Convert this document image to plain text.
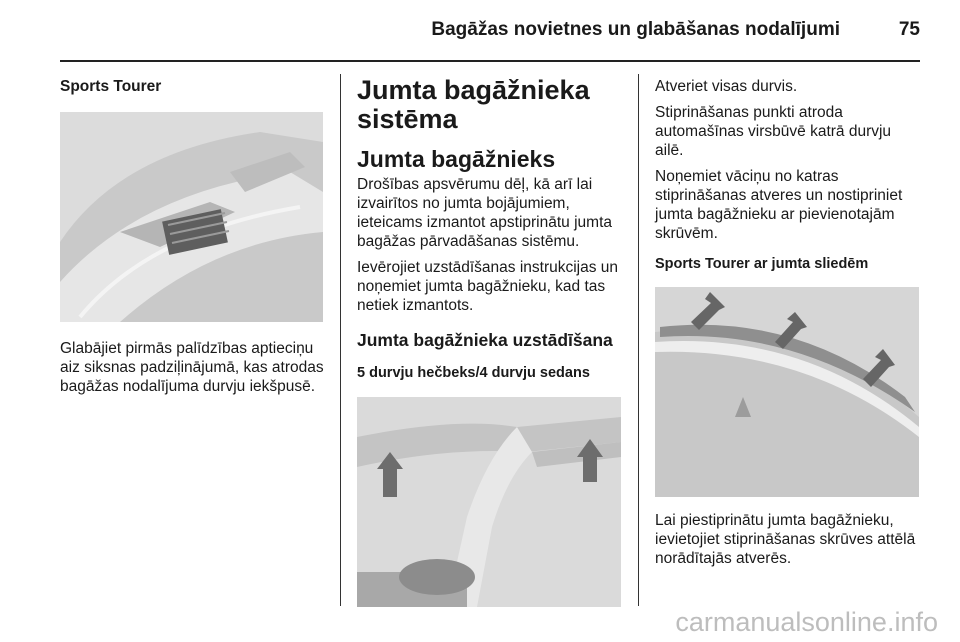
Bagāžas novietnes un glabāšanas nodalījumi	75

Sports Tourer

Glabājiet pirmās palīdzības aptieciņu aiz siksnas padziļinājumā, kas atrodas bagāžas nodalījuma durvju iekšpusē.

Jumta bagāžnieka sistēma
Jumta bagāžnieks

Drošības apsvērumu dēļ, kā arī lai izvairītos no jumta bojājumiem, ieteicams izmantot apstiprinātu jumta bagāžas pārvadāšanas sistēmu.

Ievērojiet uzstādīšanas instrukcijas un noņemiet jumta bagāžnieku, kad tas netiek izmantots.

Jumta bagāžnieka uzstādīšana

5 durvju hečbeks/4 durvju sedans

Atveriet visas durvis.

Stiprināšanas punkti atroda automašīnas virsbūvē katrā durvju ailē.

Noņemiet vāciņu no katras stiprināšanas atveres un nostipriniet jumta bagāžnieku ar pievienotajām skrūvēm.

Sports Tourer ar jumta sliedēm

Lai piestiprinātu jumta bagāžnieku, ievietojiet stiprināšanas skrūves attēlā norādītajās atverēs.

carmanualsonline.info
